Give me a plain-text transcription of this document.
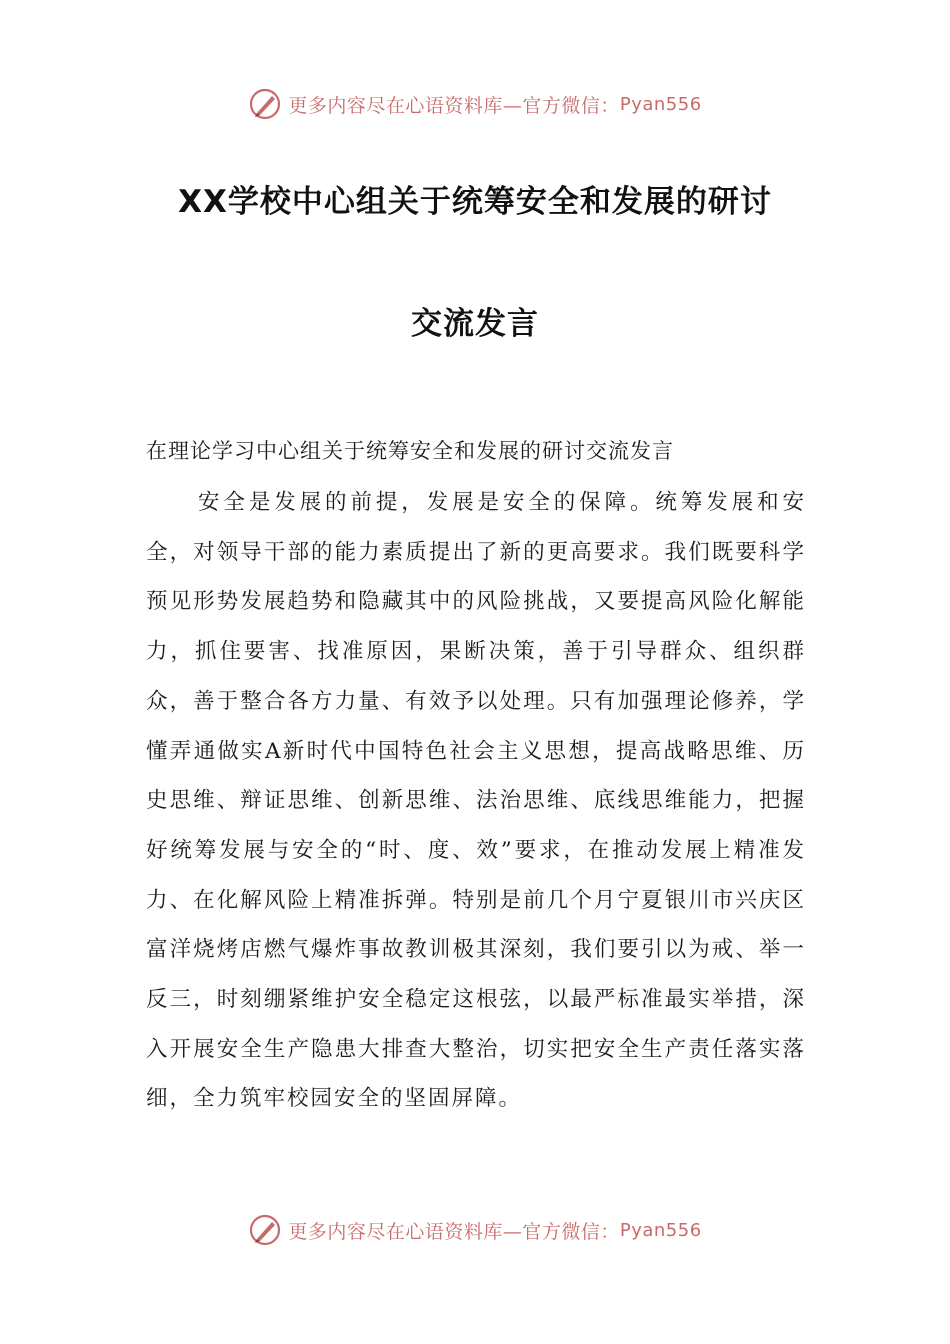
更多内容尽在心语资料库—官方微信： Pyan556
XX学校中心组关于统筹安全和发展的研讨
交流发言
在理论学习中心组关于统筹安全和发展的研讨交流发言

安全是发展的前提，发展是安全的保障。统筹发展和安全，对领导干部的能力素质提出了新的更高要求。我们既要科学预见形势发展趋势和隐藏其中的风险挑战，又要提高风险化解能力，抓住要害、找准原因，果断决策，善于引导群众、组织群众，善于整合各方力量、有效予以处理。只有加强理论修养，学懂弄通做实A新时代中国特色社会主义思想，提高战略思维、历史思维、辩证思维、创新思维、法治思维、底线思维能力，把握好统筹发展与安全的“时、度、效”要求，在推动发展上精准发力、在化解风险上精准拆弹。特别是前几个月宁夏银川市兴庆区富洋烧烤店燃气爆炸事故教训极其深刻，我们要引以为戒、举一反三，时刻绷紧维护安全稳定这根弦，以最严标准最实举措，深入开展安全生产隐患大排查大整治，切实把安全生产责任落实落细，全力筑牢校园安全的坚固屏障。

更多内容尽在心语资料库—官方微信： Pyan556
